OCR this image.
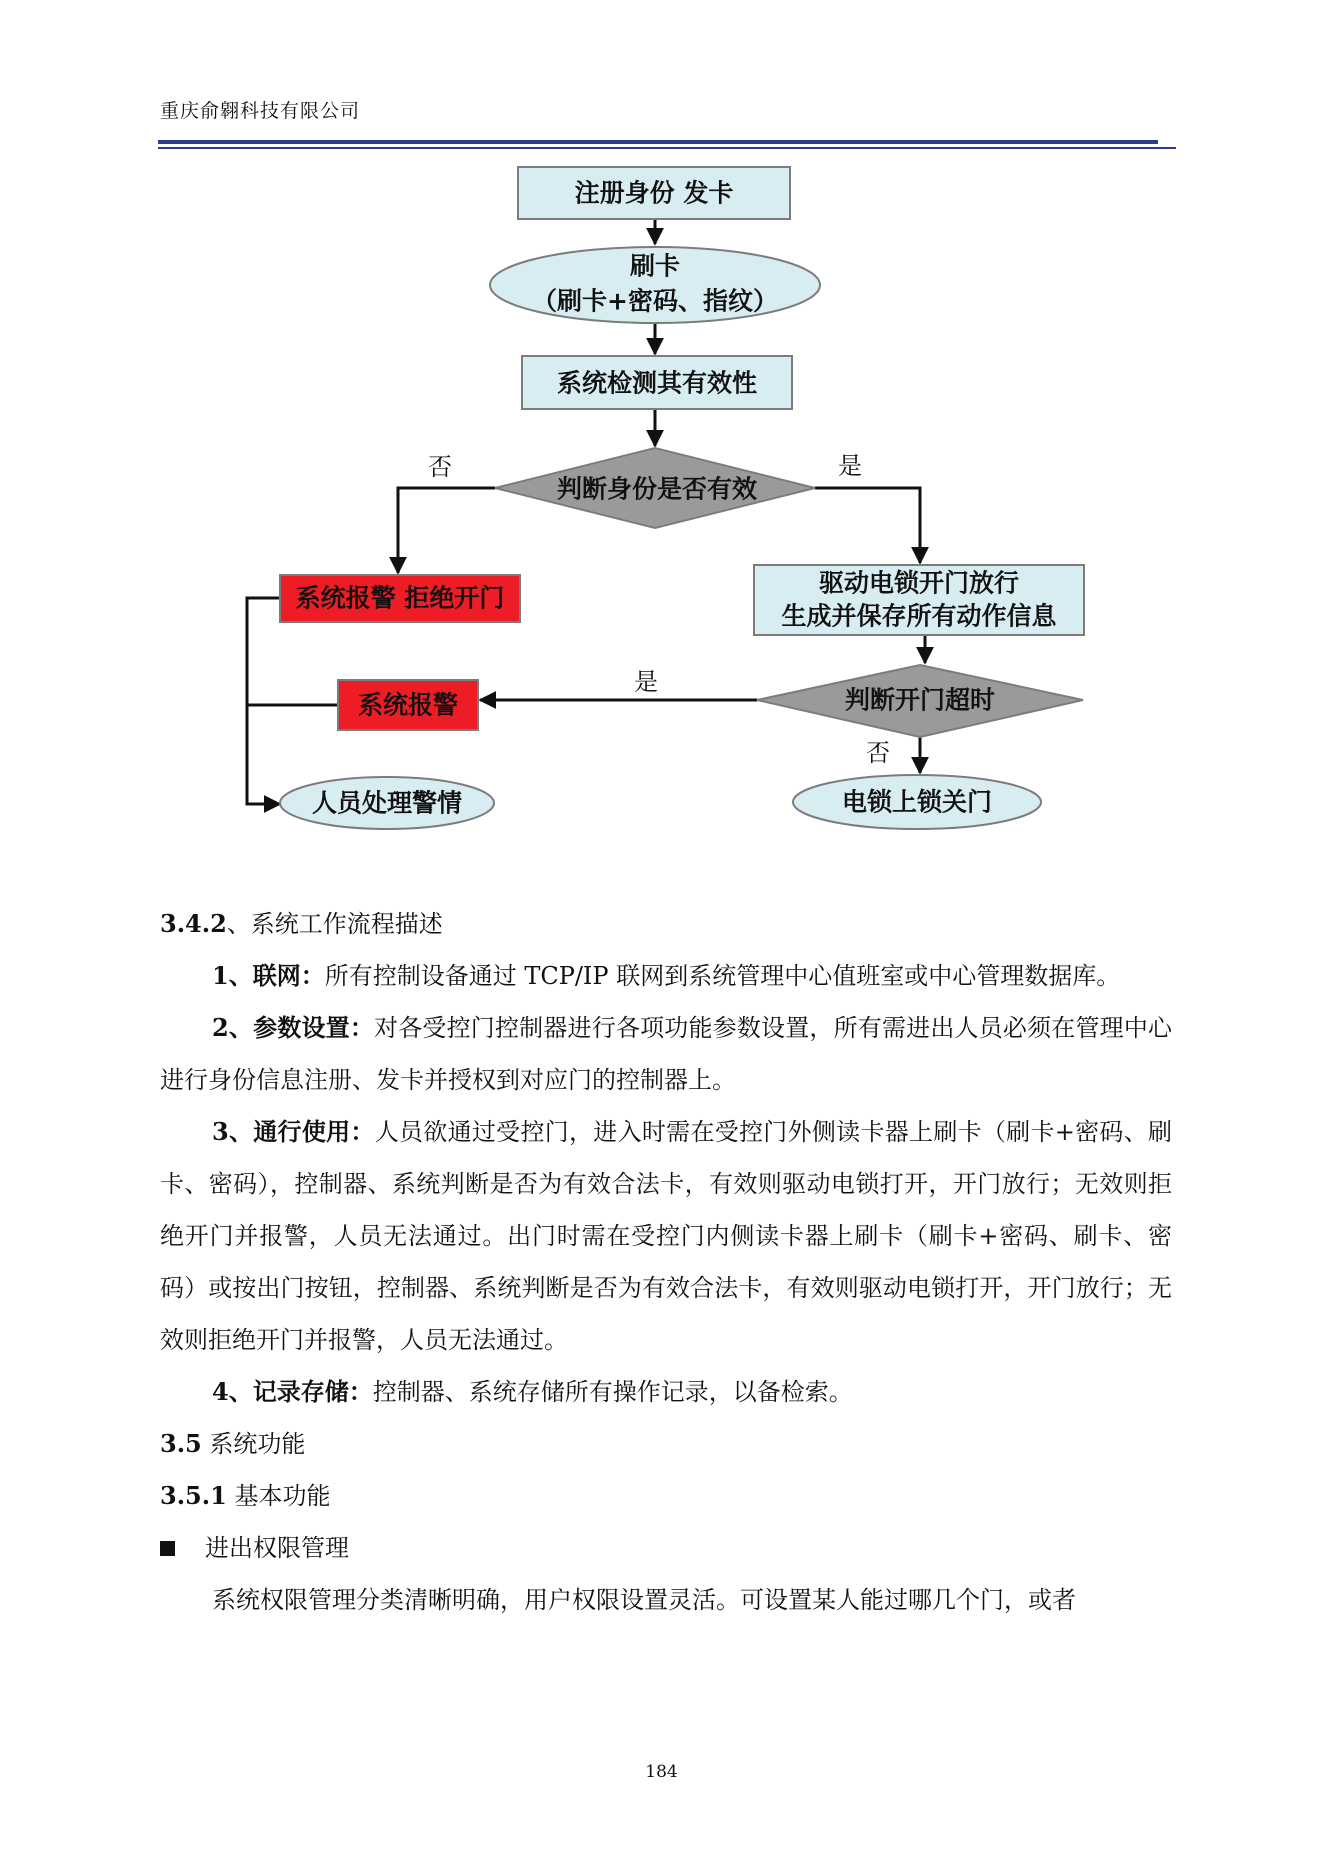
重庆俞翱科技有限公司
注册身份 发卡
刷卡
（刷卡+密码、指纹）
系统检测其有效性
判断身份是否有效
否	是
系统报警 拒绝开门
驱动电锁开门放行
生成并保存所有动作信息
判断开门超时
是
系统报警
否
人员处理警情	电锁上锁关门

3.4.2、系统工作流程描述

1、联网：所有控制设备通过 TCP/IP 联网到系统管理中心值班室或中心管理数据库。

2、参数设置：对各受控门控制器进行各项功能参数设置，所有需进出人员必须在管理中心进行身份信息注册、发卡并授权到对应门的控制器上。

3、通行使用：人员欲通过受控门，进入时需在受控门外侧读卡器上刷卡（刷卡+密码、刷卡、密码），控制器、系统判断是否为有效合法卡，有效则驱动电锁打开，开门放行；无效则拒绝开门并报警，人员无法通过。出门时需在受控门内侧读卡器上刷卡（刷卡+密码、刷卡、密码）或按出门按钮，控制器、系统判断是否为有效合法卡，有效则驱动电锁打开，开门放行；无效则拒绝开门并报警，人员无法通过。

4、记录存储：控制器、系统存储所有操作记录，以备检索。

3.5 系统功能

3.5.1 基本功能

进出权限管理

系统权限管理分类清晰明确，用户权限设置灵活。可设置某人能过哪几个门，或者

184
